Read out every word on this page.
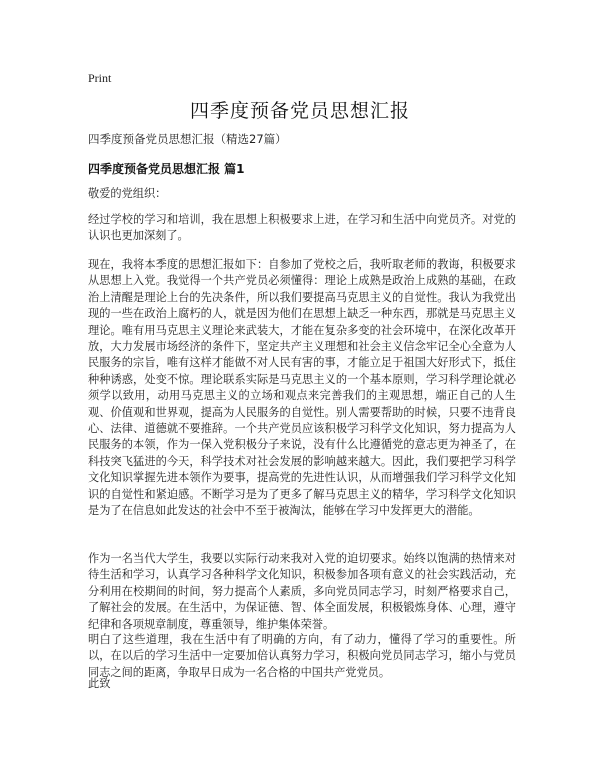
Print
四季度预备党员思想汇报
四季度预备党员思想汇报（精选27篇）
四季度预备党员思想汇报 篇1

敬爱的党组织：

经过学校的学习和培训，我在思想上积极要求上进，在学习和生活中向党员齐。对党的认识也更加深刻了。

现在，我将本季度的思想汇报如下：自参加了党校之后，我听取老师的教诲，积极要求从思想上入党。我觉得一个共产党员必须懂得：理论上成熟是政治上成熟的基础，在政治上清醒是理论上台的先决条件，所以我们要提高马克思主义的自觉性。我认为我党出现的一些在政治上腐朽的人，就是因为他们在思想上缺乏一种东西，那就是马克思主义理论。唯有用马克思主义理论来武装大，才能在复杂多变的社会环境中，在深化改革开放，大力发展市场经济的条件下，坚定共产主义理想和社会主义信念牢记全心全意为人民服务的宗旨，唯有这样才能做不对人民有害的事，才能立足于祖国大好形式下，抵住种种诱惑，处变不惊。理论联系实际是马克思主义的一个基本原则，学习科学理论就必须学以致用，动用马克思主义的立场和观点来完善我们的主观思想，端正自己的人生观、价值观和世界观，提高为人民服务的自觉性。别人需要帮助的时候，只要不违背良心、法律、道德就不要推辞。一个共产党员应该积极学习科学文化知识，努力提高为人民服务的本领，作为一保入党积极分子来说，没有什么比遵循党的意志更为神圣了，在科技突飞猛进的今天，科学技术对社会发展的影响越来越大。因此，我们要把学习科学文化知识掌握先进本领作为要事，提高党的先进性认识，从而增强我们学习科学文化知识的自觉性和紧迫感。不断学习是为了更多了解马克思主义的精华，学习科学文化知识是为了在信息如此发达的社会中不至于被淘汰，能够在学习中发挥更大的潜能。

作为一名当代大学生，我要以实际行动来我对入党的迫切要求。始终以饱满的热情来对待生活和学习，认真学习各种科学文化知识，积极参加各项有意义的社会实践活动，充分利用在校期间的时间，努力提高个人素质，多向党员同志学习，时刻严格要求自己，了解社会的发展。在生活中，为保证德、智、体全面发展，积极锻炼身体、心理，遵守纪律和各项规章制度，尊重领导，维护集体荣誉。

明白了这些道理，我在生活中有了明确的方向，有了动力，懂得了学习的重要性。所以，在以后的学习生活中一定要加倍认真努力学习，积极向党员同志学习，缩小与党员同志之间的距离，争取早日成为一名合格的中国共产党党员。

此致
